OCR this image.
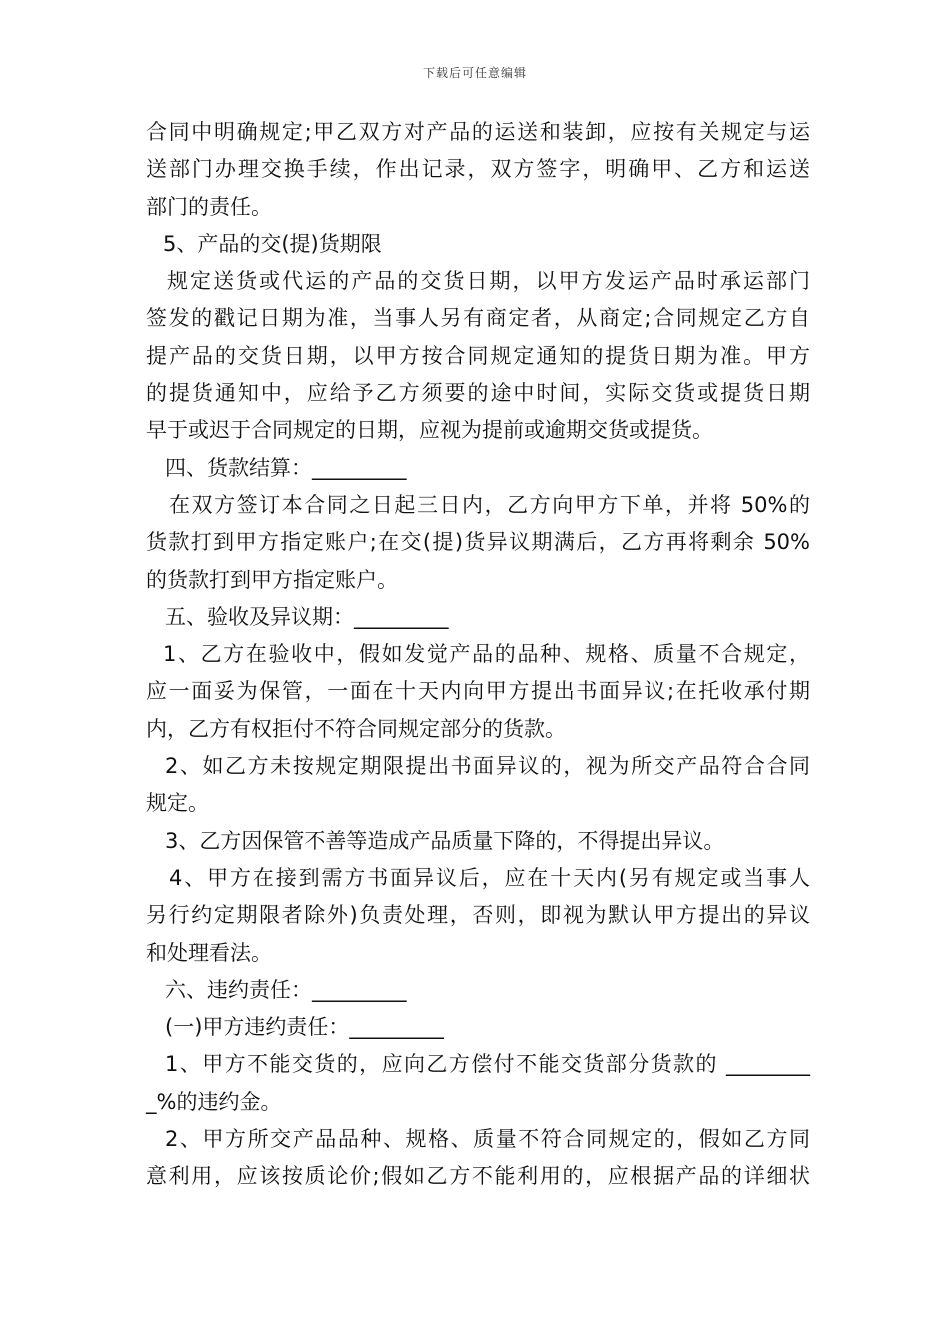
下载后可任意编辑
合同中明确规定;甲乙双方对产品的运送和装卸，应按有关规定与运
送部门办理交换手续，作出记录，双方签字，明确甲、乙方和运送
部门的责任。
5、产品的交(提)货期限
规定送货或代运的产品的交货日期，以甲方发运产品时承运部门
签发的戳记日期为准，当事人另有商定者，从商定;合同规定乙方自
提产品的交货日期，以甲方按合同规定通知的提货日期为准。甲方
的提货通知中，应给予乙方须要的途中时间，实际交货或提货日期
早于或迟于合同规定的日期，应视为提前或逾期交货或提货。
四、货款结算：_________
在双方签订本合同之日起三日内，乙方向甲方下单，并将 50%的
货款打到甲方指定账户;在交(提)货异议期满后，乙方再将剩余 50%
的货款打到甲方指定账户。
五、验收及异议期：_________
1、乙方在验收中，假如发觉产品的品种、规格、质量不合规定，
应一面妥为保管，一面在十天内向甲方提出书面异议;在托收承付期
内，乙方有权拒付不符合同规定部分的货款。
2、如乙方未按规定期限提出书面异议的，视为所交产品符合合同
规定。
3、乙方因保管不善等造成产品质量下降的，不得提出异议。
4、甲方在接到需方书面异议后，应在十天内(另有规定或当事人
另行约定期限者除外)负责处理，否则，即视为默认甲方提出的异议
和处理看法。
六、违约责任：_________
(一)甲方违约责任：_________
1、甲方不能交货的，应向乙方偿付不能交货部分货款的 ________
_%的违约金。
2、甲方所交产品品种、规格、质量不符合同规定的，假如乙方同
意利用，应该按质论价;假如乙方不能利用的，应根据产品的详细状
